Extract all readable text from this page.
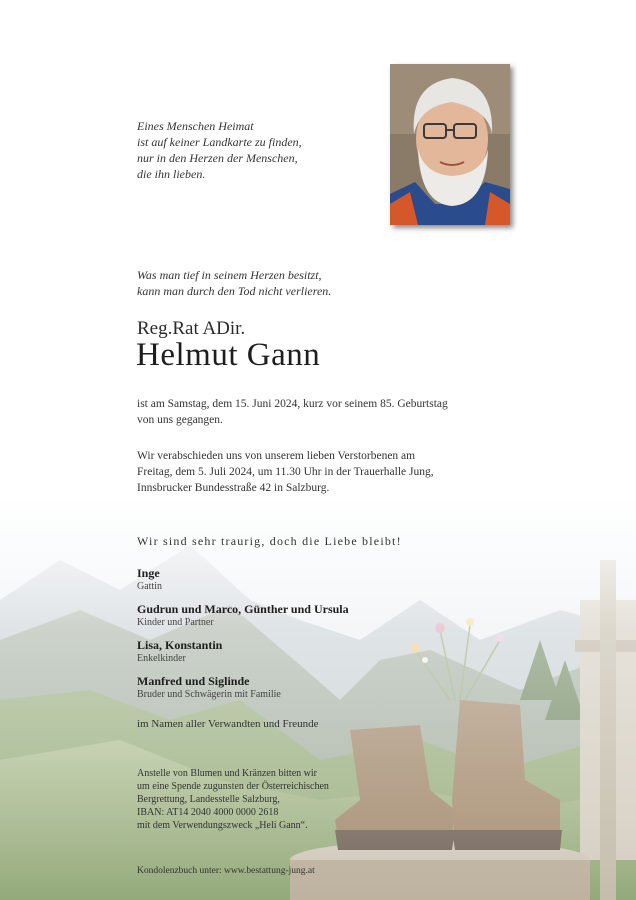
Eines Menschen Heimat
ist auf keiner Landkarte zu finden,
nur in den Herzen der Menschen,
die ihn lieben.
Was man tief in seinem Herzen besitzt,
kann man durch den Tod nicht verlieren.
Reg.Rat ADir.
Helmut Gann
ist am Samstag, dem 15. Juni 2024, kurz vor seinem 85. Geburtstag
von uns gegangen.
Wir verabschieden uns von unserem lieben Verstorbenen am
Freitag, dem 5. Juli 2024, um 11.30 Uhr in der Trauerhalle Jung,
Innsbrucker Bundesstraße 42 in Salzburg.
Wir sind sehr traurig, doch die Liebe bleibt!
Inge
Gattin
Gudrun und Marco, Günther und Ursula
Kinder und Partner
Lisa, Konstantin
Enkelkinder
Manfred und Siglinde
Bruder und Schwägerin mit Familie
im Namen aller Verwandten und Freunde
Anstelle von Blumen und Kränzen bitten wir
um eine Spende zugunsten der Österreichischen
Bergrettung, Landesstelle Salzburg,
IBAN: AT14 2040 4000 0000 2618
mit dem Verwendungszweck „Heli Gann“.
Kondolenzbuch unter: www.bestattung-jung.at
